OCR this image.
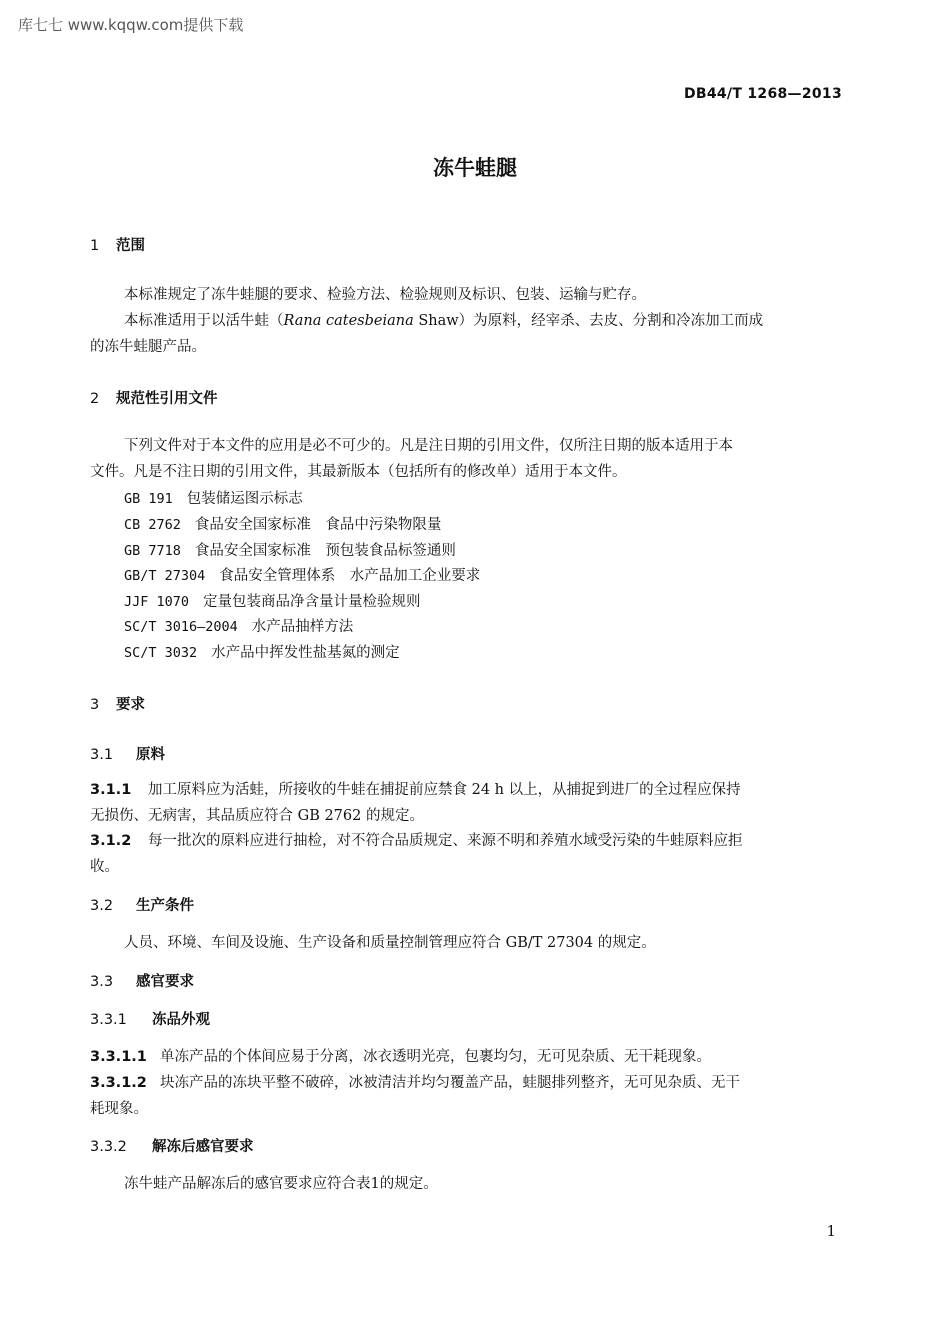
库七七 www.kqqw.com提供下载
DB44/T 1268—2013
冻牛蛙腿
1 范围
本标准规定了冻牛蛙腿的要求、检验方法、检验规则及标识、包装、运输与贮存。
本标准适用于以活牛蛙（Rana catesbeiana Shaw）为原料，经宰杀、去皮、分割和冷冻加工而成
的冻牛蛙腿产品。
2 规范性引用文件
下列文件对于本文件的应用是必不可少的。凡是注日期的引用文件，仅所注日期的版本适用于本
文件。凡是不注日期的引用文件，其最新版本（包括所有的修改单）适用于本文件。
GB 191 包装储运图示标志
CB 2762 食品安全国家标准　食品中污染物限量
GB 7718 食品安全国家标准　预包装食品标签通则
GB/T 27304 食品安全管理体系　水产品加工企业要求
JJF 1070 定量包装商品净含量计量检验规则
SC/T 3016—2004 水产品抽样方法
SC/T 3032 水产品中挥发性盐基氮的测定
3 要求
3.1 原料
3.1.1 加工原料应为活蛙，所接收的牛蛙在捕捉前应禁食 24 h 以上，从捕捉到进厂的全过程应保持
无损伤、无病害，其品质应符合 GB 2762 的规定。
3.1.2 每一批次的原料应进行抽检，对不符合品质规定、来源不明和养殖水域受污染的牛蛙原料应拒
收。
3.2 生产条件
人员、环境、车间及设施、生产设备和质量控制管理应符合 GB/T 27304 的规定。
3.3 感官要求
3.3.1 冻品外观
3.3.1.1 单冻产品的个体间应易于分离，冰衣透明光亮，包裹均匀，无可见杂质、无干耗现象。
3.3.1.2 块冻产品的冻块平整不破碎，冰被清洁并均匀覆盖产品，蛙腿排列整齐，无可见杂质、无干
耗现象。
3.3.2 解冻后感官要求
冻牛蛙产品解冻后的感官要求应符合表1的规定。
1
